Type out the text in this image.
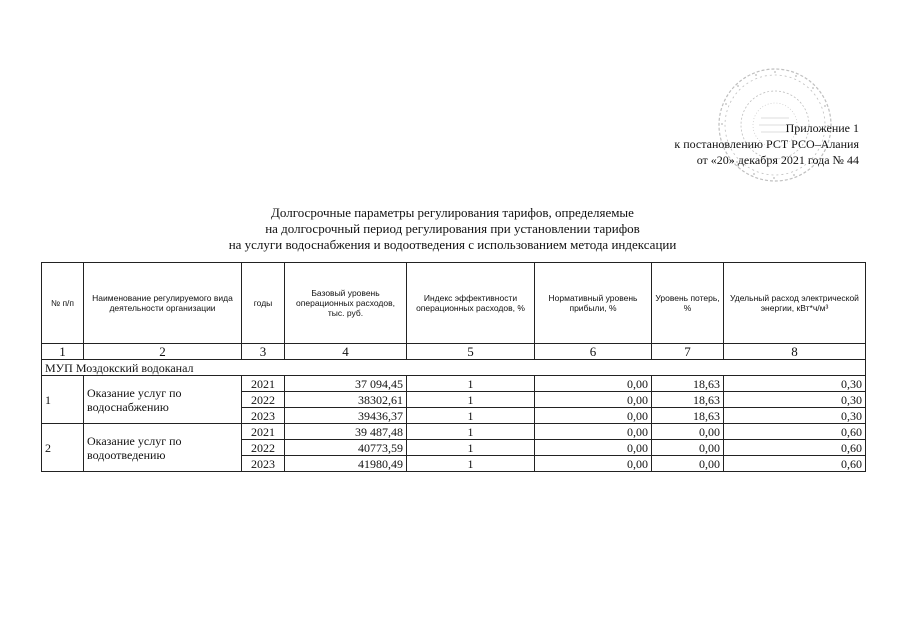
Приложение 1
к постановлению РСТ РСО–Алания
от «20» декабря 2021 года № 44
Долгосрочные параметры регулирования тарифов, определяемые
на долгосрочный период регулирования при установлении тарифов
на услуги водоснабжения и водоотведения с использованием метода индексации
№ п/п	Наименование регулируемого вида деятельности организации	годы	Базовый уровень операционных расходов, тыс. руб.	Индекс эффективности операционных расходов, %	Нормативный уровень прибыли, %	Уровень потерь, %	Удельный расход электрической энергии, кВт*ч/м³
1	2	3	4	5	6	7	8
МУП Моздокский водоканал							
1	Оказание услуг по водоснабжению	2021	37 094,45	1	0,00	18,63	0,30
		2022	38302,61	1	0,00	18,63	0,30
		2023	39436,37	1	0,00	18,63	0,30
2	Оказание услуг по водоотведению	2021	39 487,48	1	0,00	0,00	0,60
		2022	40773,59	1	0,00	0,00	0,60
		2023	41980,49	1	0,00	0,00	0,60
